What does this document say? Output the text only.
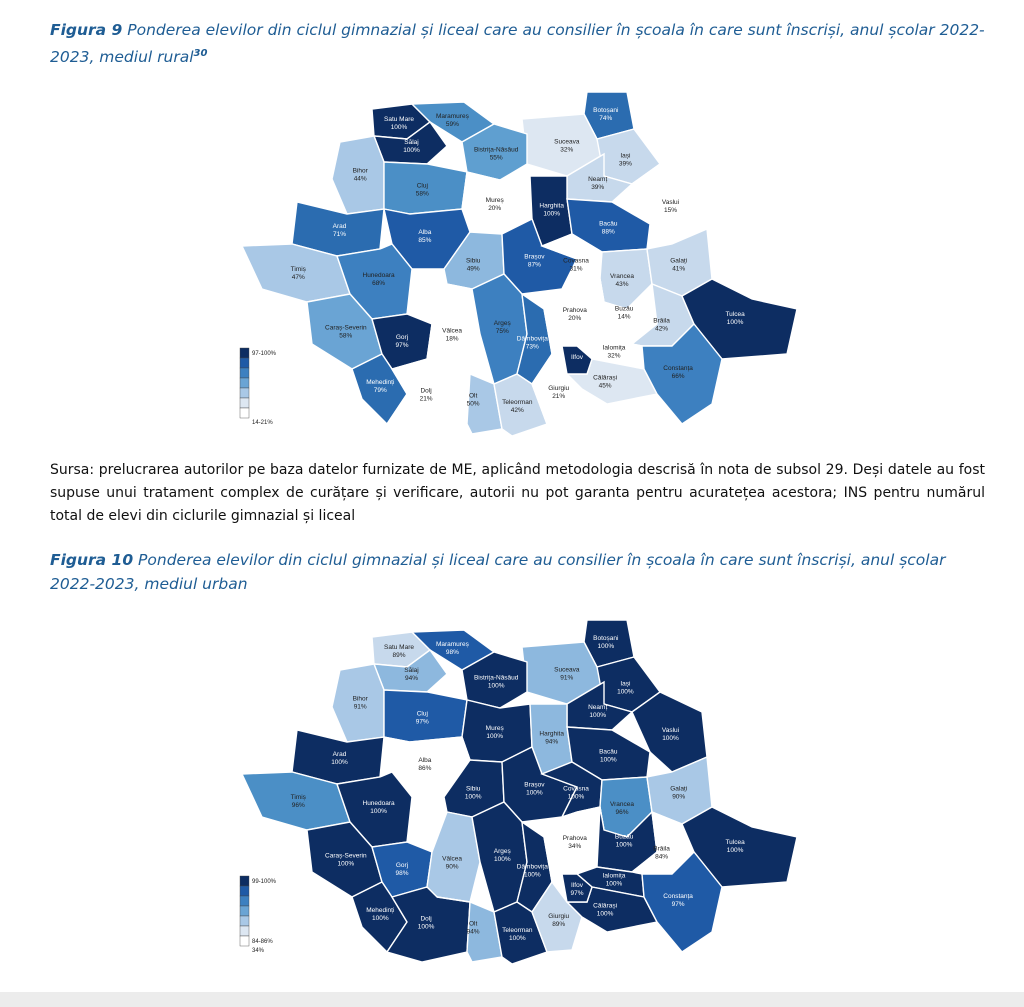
Figura 9 Ponderea elevilor din ciclul gimnazial și liceal care au consilier în școala în care sunt înscriși, anul școlar 2022-2023, mediul rural$^{30}$
Satu Mare
100%
Maramureș
59%
Botoșani
74%
Suceava
32%
Sălaj
100%	Bistrița-Năsăud
55%	Iași
39%
Bihor
44%
Cluj
58%
Neamț
39%
Mureș
20%	Harghita
100%
Vaslui
15%
Bacău
88%
Arad
71%	Alba
85%
Sibiu
49%
Brașov
87%
Covasna
31%
Vrancea
43%
Galați
41%
Timiș
47%	Hunedoara
68%
Caraș-Severin
58%	Gorj
97%
Vâlcea
18%
Argeș
75%
Dâmbovița
73%
Prahova
20%
Buzău
14%
Brăila
42%
Tulcea
100%
Mehedinți
79%	Dolj
21%	Olt
50%	Teleorman
42%
Giurgiu
21%
Ialomița
32%
Călărași
45%
Constanța
66%
Ilfov
97-100%
14-21%
Sursa: prelucrarea autorilor pe baza datelor furnizate de ME, aplicând metodologia descrisă în nota de subsol 29. Deși datele au fost supuse unui tratament complex de curățare și verificare, autorii nu pot garanta pentru acuratețea acestora; INS pentru numărul total de elevi din ciclurile gimnazial și liceal
Figura 10 Ponderea elevilor din ciclul gimnazial și liceal care au consilier în școala în care sunt înscriși, anul școlar 2022-2023, mediul urban
Satu Mare
89%
Maramureș
98%
Botoșani
100%
Suceava
91%
Sălaj
94%	Bistrița-Năsăud
100%	Iași
100%
Bihor
91%
Cluj
97%
Neamț
100%
Mureș
100%	Harghita
94%
Vaslui
100%
Bacău
100%
Arad
100%	Alba
86%
Sibiu
100%
Brașov
100%
Covasna
100%
Vrancea
96%
Galați
90%
Timiș
96%	Hunedoara
100%
Caraș-Severin
100%	Gorj
98%
Vâlcea
90%
Argeș
100%
Dâmbovița
100%
Prahova
34%
Buzău
100%
Brăila
84%
Tulcea
100%
Mehedinți
100%	Dolj
100%	Olt
94%	Teleorman
100%
Giurgiu
89%
Ialomița
100%
Călărași
100%
Constanța
97%
Ilfov
97%
99-100%
84-86%
34%
